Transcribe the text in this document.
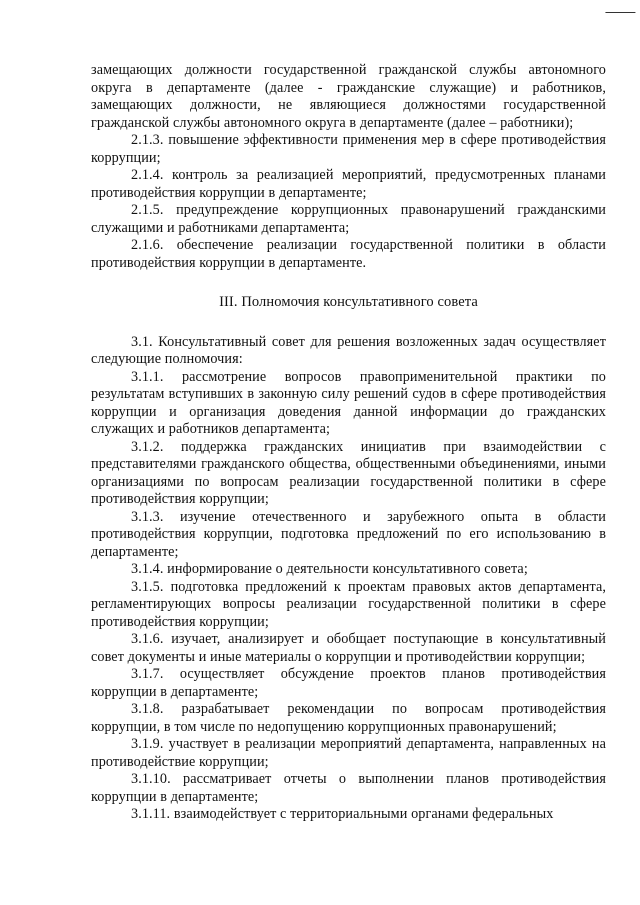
замещающих должности государственной гражданской службы автономного округа в департаменте (далее - гражданские служащие) и работников, замещающих должности, не являющиеся должностями государственной гражданской службы автономного округа в департаменте (далее – работники);

2.1.3. повышение эффективности применения мер в сфере противодействия коррупции;

2.1.4. контроль за реализацией мероприятий, предусмотренных планами противодействия коррупции в департаменте;

2.1.5. предупреждение коррупционных правонарушений гражданскими служащими и работниками департамента;

2.1.6. обеспечение реализации государственной политики в области противодействия коррупции в департаменте.

III. Полномочия консультативного совета

3.1. Консультативный совет для решения возложенных задач осуществляет следующие полномочия:

3.1.1. рассмотрение вопросов правоприменительной практики по результатам вступивших в законную силу решений судов в сфере противодействия коррупции и организация доведения данной информации до гражданских служащих и работников департамента;

3.1.2. поддержка гражданских инициатив при взаимодействии с представителями гражданского общества, общественными объединениями, иными организациями по вопросам реализации государственной политики в сфере противодействия коррупции;

3.1.3. изучение отечественного и зарубежного опыта в области противодействия коррупции, подготовка предложений по его использованию в департаменте;

3.1.4. информирование о деятельности консультативного совета;

3.1.5. подготовка предложений к проектам правовых актов департамента, регламентирующих вопросы реализации государственной политики в сфере противодействия коррупции;

3.1.6. изучает, анализирует и обобщает поступающие в консультативный совет документы и иные материалы о коррупции и противодействии коррупции;

3.1.7. осуществляет обсуждение проектов планов противодействия коррупции в департаменте;

3.1.8. разрабатывает рекомендации по вопросам противодействия коррупции, в том числе по недопущению коррупционных правонарушений;

3.1.9. участвует в реализации мероприятий департамента, направленных на противодействие коррупции;

3.1.10. рассматривает отчеты о выполнении планов противодействия коррупции в департаменте;

3.1.11. взаимодействует с территориальными органами федеральных
